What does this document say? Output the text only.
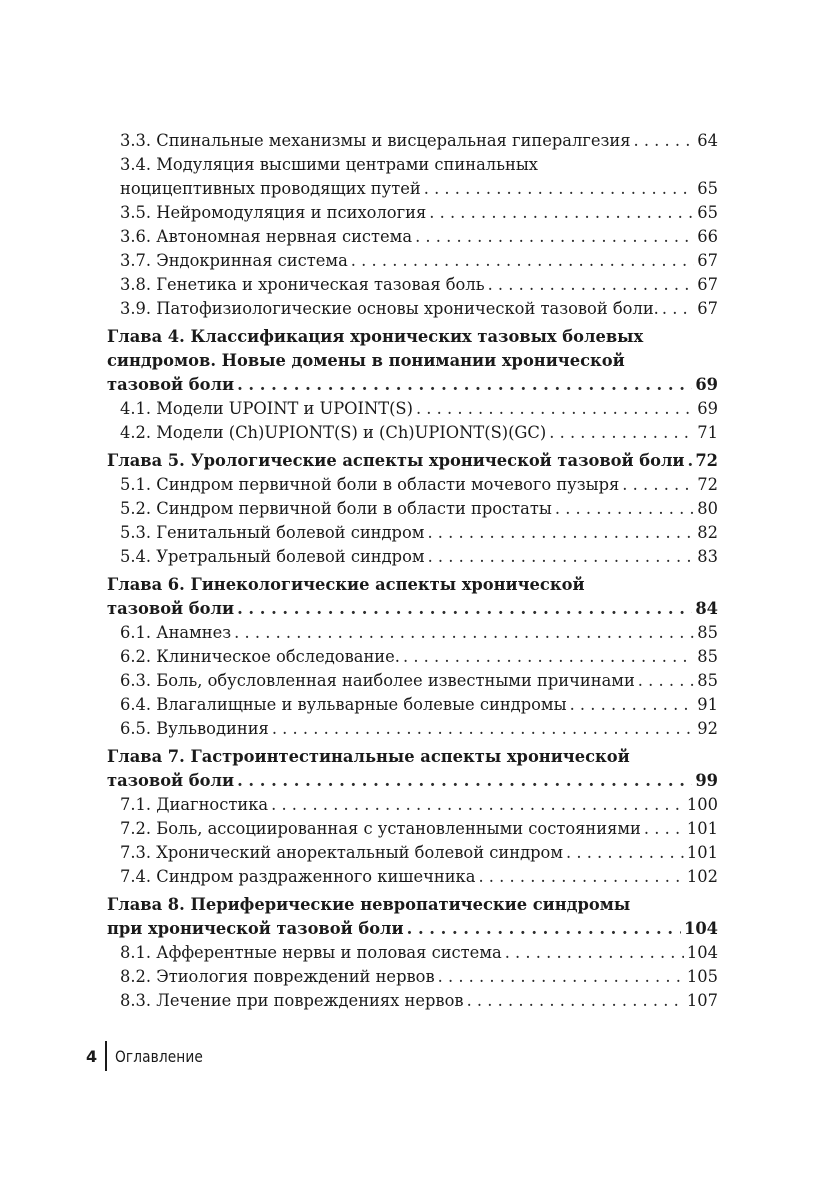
3.3. Спинальные механизмы и висцеральная гипералгезия . . .	64
3.4. Модуляция высшими центрами спинальных
ноцицептивных проводящих путей . . .	65
3.5. Нейромодуляция и психология . . .	65
3.6. Автономная нервная система . . .	66
3.7. Эндокринная система . . .	67
3.8. Генетика и хроническая тазовая боль . . .	67
3.9. Патофизиологические основы хронической тазовой боли. . . . 67
Глава 4. Классификация хронических тазовых болевых
синдромов. Новые домены в понимании хронической
тазовой боли . . .	69
4.1. Модели UPOINT и UPOINT(S) . . .	69
4.2. Модели (Ch)UPIONT(S) и (Ch)UPIONT(S)(GC) . . .	71
Глава 5. Урологические аспекты хронической тазовой боли . . . 72
5.1. Синдром первичной боли в области мочевого пузыря . . .	72
5.2. Синдром первичной боли в области простаты . . .	80
5.3. Генитальный болевой синдром . . .	82
5.4. Уретральный болевой синдром . . .	83
Глава 6. Гинекологические аспекты хронической
тазовой боли . . .	84
6.1. Анамнез . . .	85
6.2. Клиническое обследование. . . .	85
6.3. Боль, обусловленная наиболее известными причинами . . .	85
6.4. Влагалищные и вульварные болевые синдромы . . .	91
6.5. Вульводиния . . .	92
Глава 7. Гастроинтестинальные аспекты хронической
тазовой боли . . .	99
7.1. Диагностика . . .	100
7.2. Боль, ассоциированная с установленными состояниями . . .	101
7.3. Хронический аноректальный болевой синдром . . .	101
7.4. Синдром раздраженного кишечника . . .	102
Глава 8. Периферические невропатические синдромы
при хронической тазовой боли . . .	104
8.1. Афферентные нервы и половая система . . .	104
8.2. Этиология повреждений нервов . . .	105
8.3. Лечение при повреждениях нервов . . .	107
4	Оглавление
